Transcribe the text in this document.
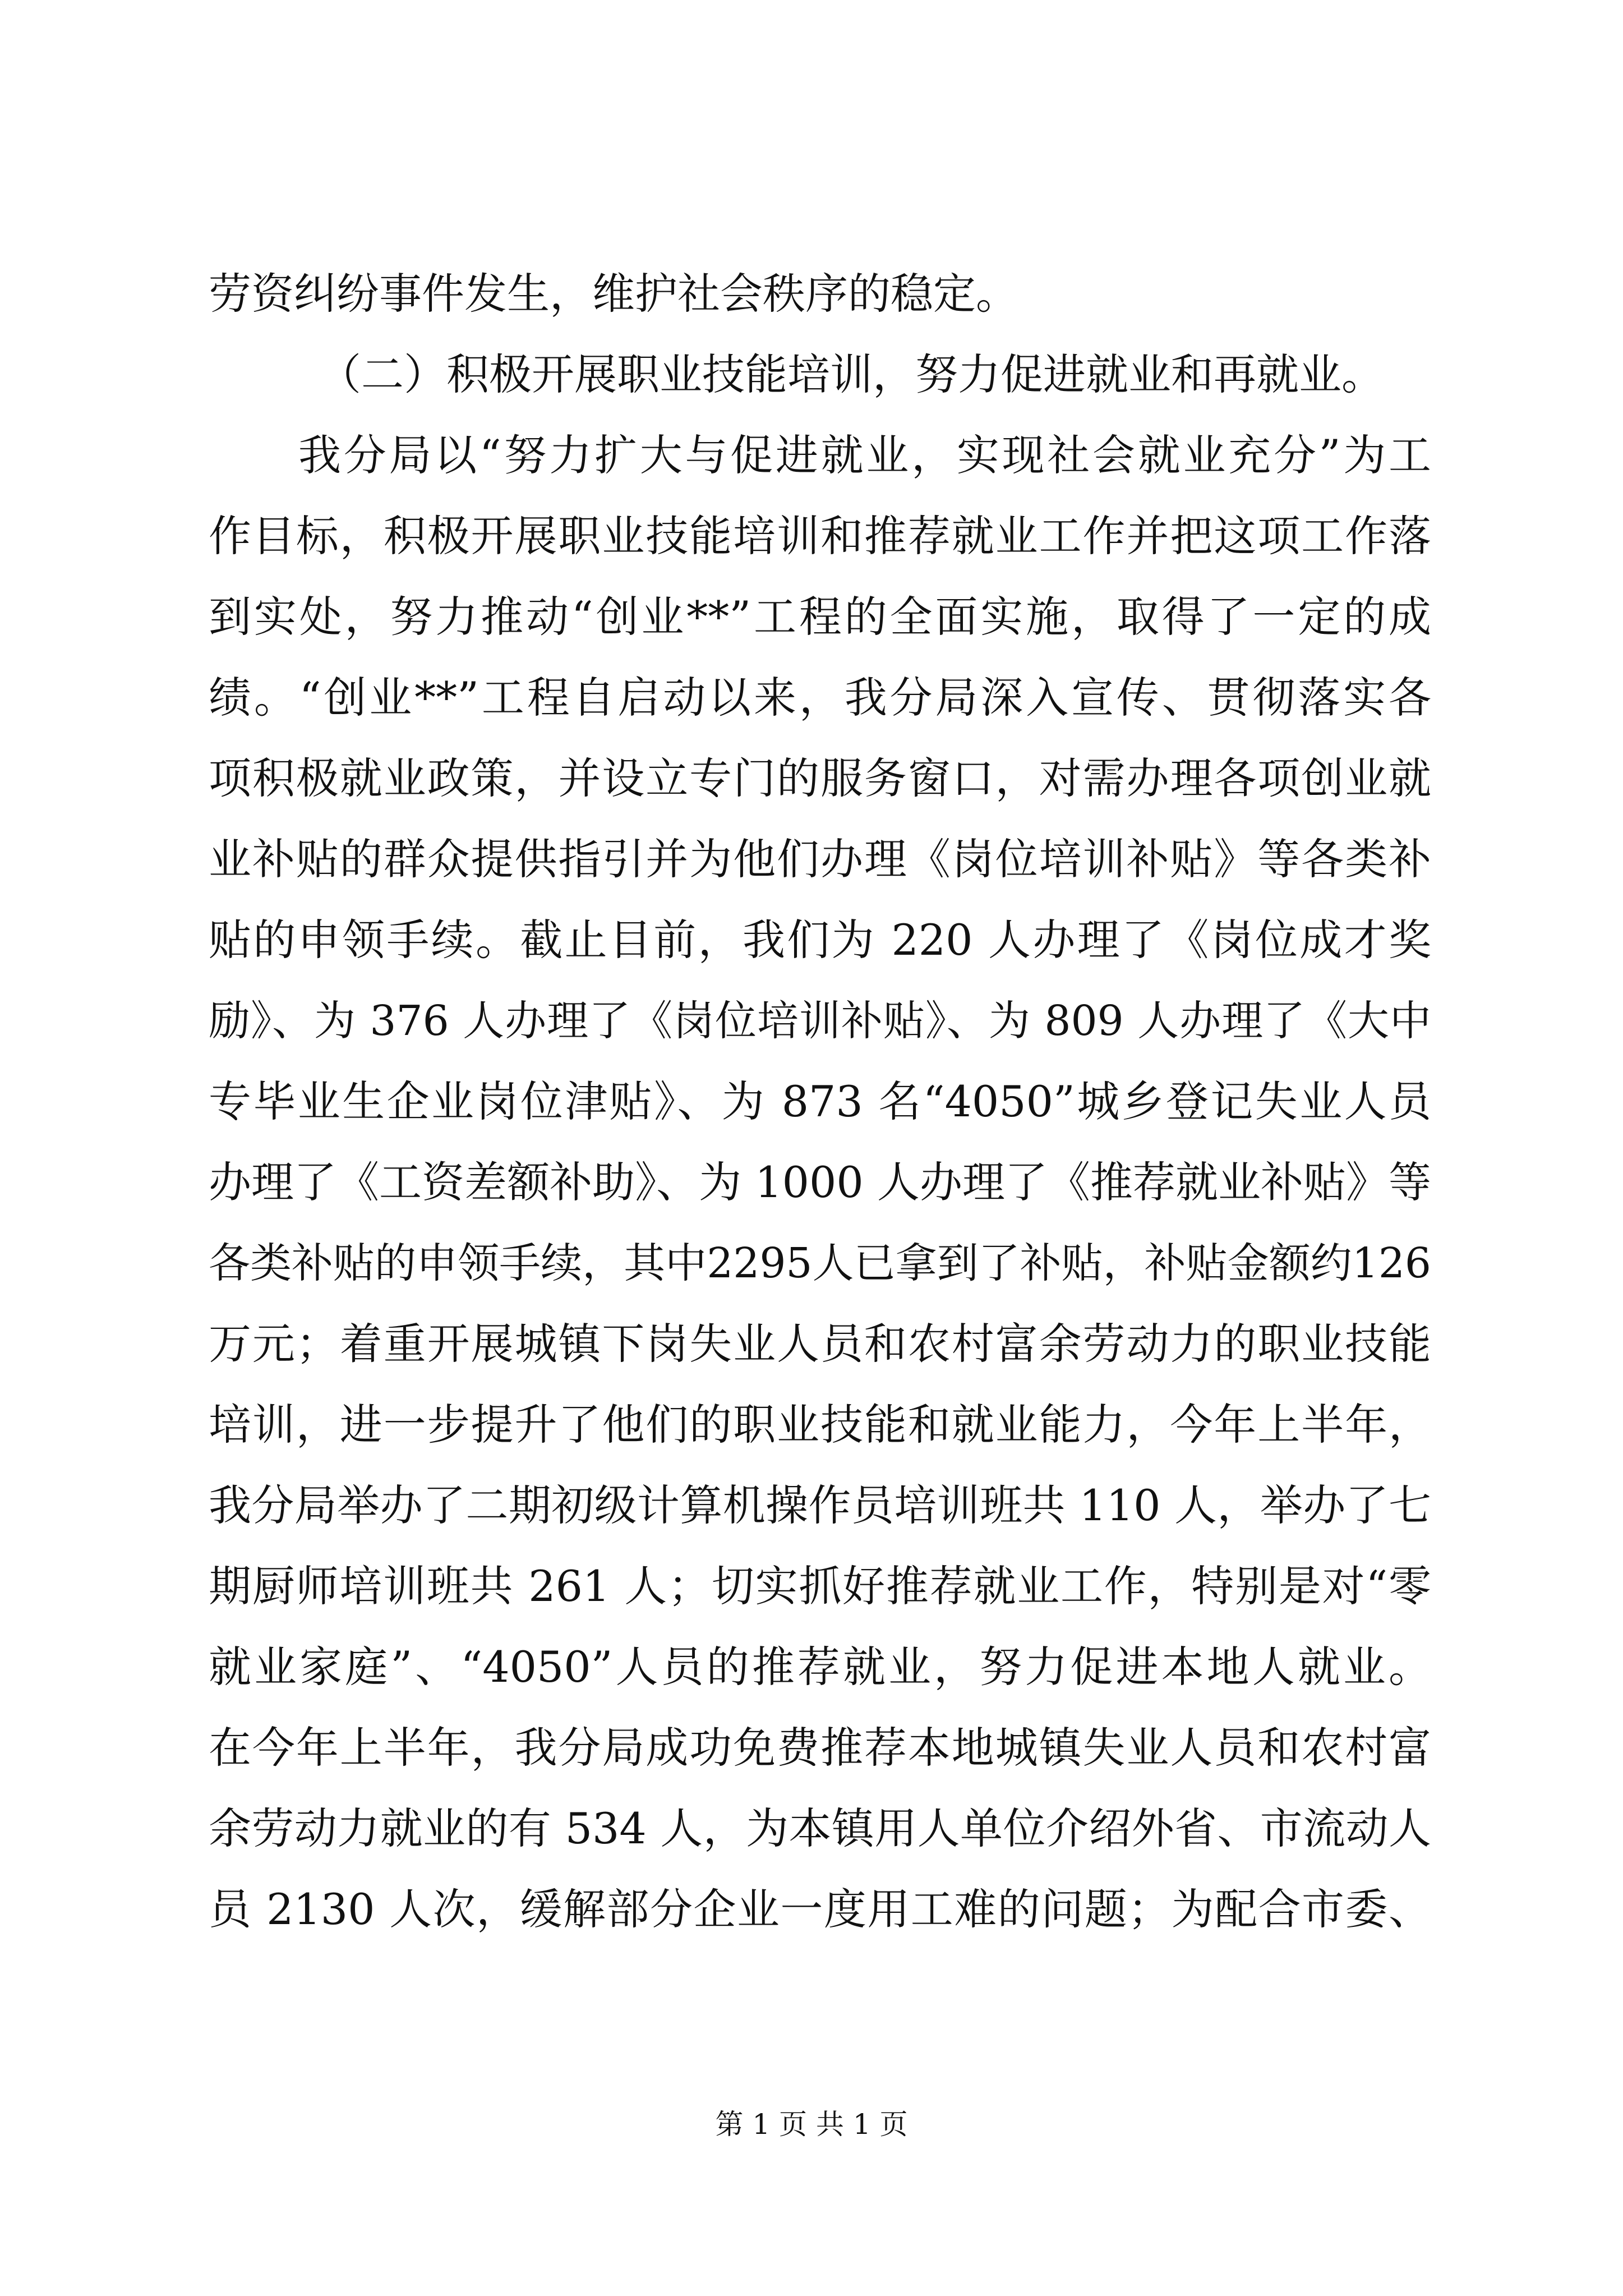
劳资纠纷事件发生，维护社会秩序的稳定。
（二）积极开展职业技能培训，努力促进就业和再就业。
我分局以“努力扩大与促进就业，实现社会就业充分”为工
作目标，积极开展职业技能培训和推荐就业工作并把这项工作落
到实处，努力推动“创业**”工程的全面实施，取得了一定的成
绩。“创业**”工程自启动以来，我分局深入宣传、贯彻落实各
项积极就业政策，并设立专门的服务窗口，对需办理各项创业就
业补贴的群众提供指引并为他们办理《岗位培训补贴》等各类补
贴的申领手续。截止目前，我们为 220 人办理了《岗位成才奖
励》、为 376 人办理了《岗位培训补贴》、为 809 人办理了《大中
专毕业生企业岗位津贴》、为 873 名“4050”城乡登记失业人员
办理了《工资差额补助》、为 1000 人办理了《推荐就业补贴》等
各类补贴的申领手续，其中2295人已拿到了补贴，补贴金额约126
万元；着重开展城镇下岗失业人员和农村富余劳动力的职业技能
培训，进一步提升了他们的职业技能和就业能力，今年上半年，
我分局举办了二期初级计算机操作员培训班共 110 人，举办了七
期厨师培训班共 261 人；切实抓好推荐就业工作，特别是对“零
就业家庭”、“4050”人员的推荐就业，努力促进本地人就业。
在今年上半年，我分局成功免费推荐本地城镇失业人员和农村富
余劳动力就业的有 534 人，为本镇用人单位介绍外省、市流动人
员 2130 人次，缓解部分企业一度用工难的问题；为配合市委、
第 1 页 共 1 页
